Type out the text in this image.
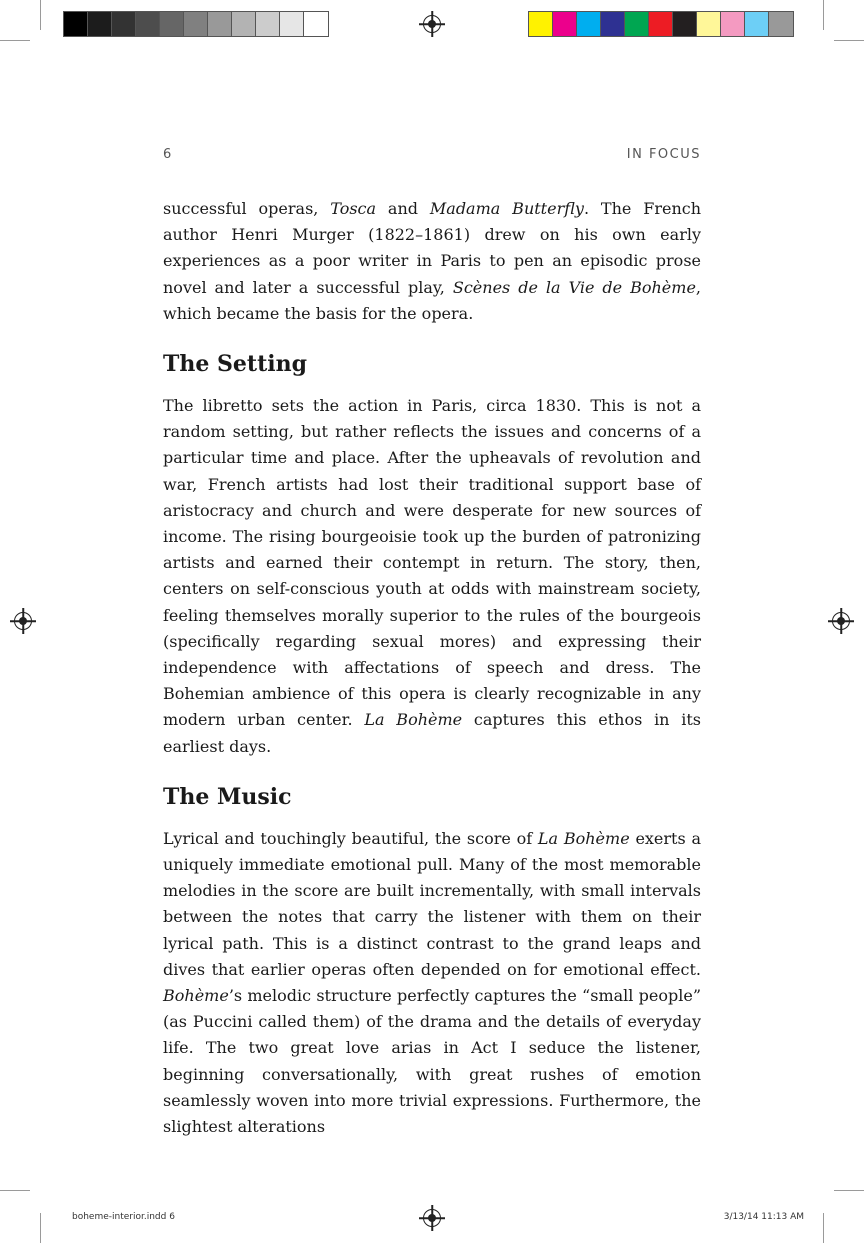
6	IN FOCUS

successful operas, Tosca and Madama Butterfly. The French author Henri Murger (1822–1861) drew on his own early experiences as a poor writer in Paris to pen an episodic prose novel and later a successful play, Scènes de la Vie de Bohème, which became the basis for the opera.

The Setting

The libretto sets the action in Paris, circa 1830. This is not a random setting, but rather reflects the issues and concerns of a particular time and place. After the upheavals of revolution and war, French artists had lost their traditional support base of aristocracy and church and were desperate for new sources of income. The rising bourgeoisie took up the burden of patronizing artists and earned their contempt in return. The story, then, centers on self-conscious youth at odds with mainstream society, feeling themselves morally superior to the rules of the bourgeois (specifically regarding sexual mores) and expressing their independence with affectations of speech and dress. The Bohemian ambience of this opera is clearly recognizable in any modern urban center. La Bohème captures this ethos in its earliest days.

The Music

Lyrical and touchingly beautiful, the score of La Bohème exerts a uniquely immediate emotional pull. Many of the most memorable melodies in the score are built incrementally, with small intervals between the notes that carry the listener with them on their lyrical path. This is a distinct contrast to the grand leaps and dives that earlier operas often depended on for emotional effect. Bohème’s melodic structure perfectly captures the “small people” (as Puccini called them) of the drama and the details of everyday life. The two great love arias in Act I seduce the listener, beginning conversationally, with great rushes of emotion seamlessly woven into more trivial expressions. Furthermore, the slightest alterations

boheme-interior.indd 6	3/13/14 11:13 AM
